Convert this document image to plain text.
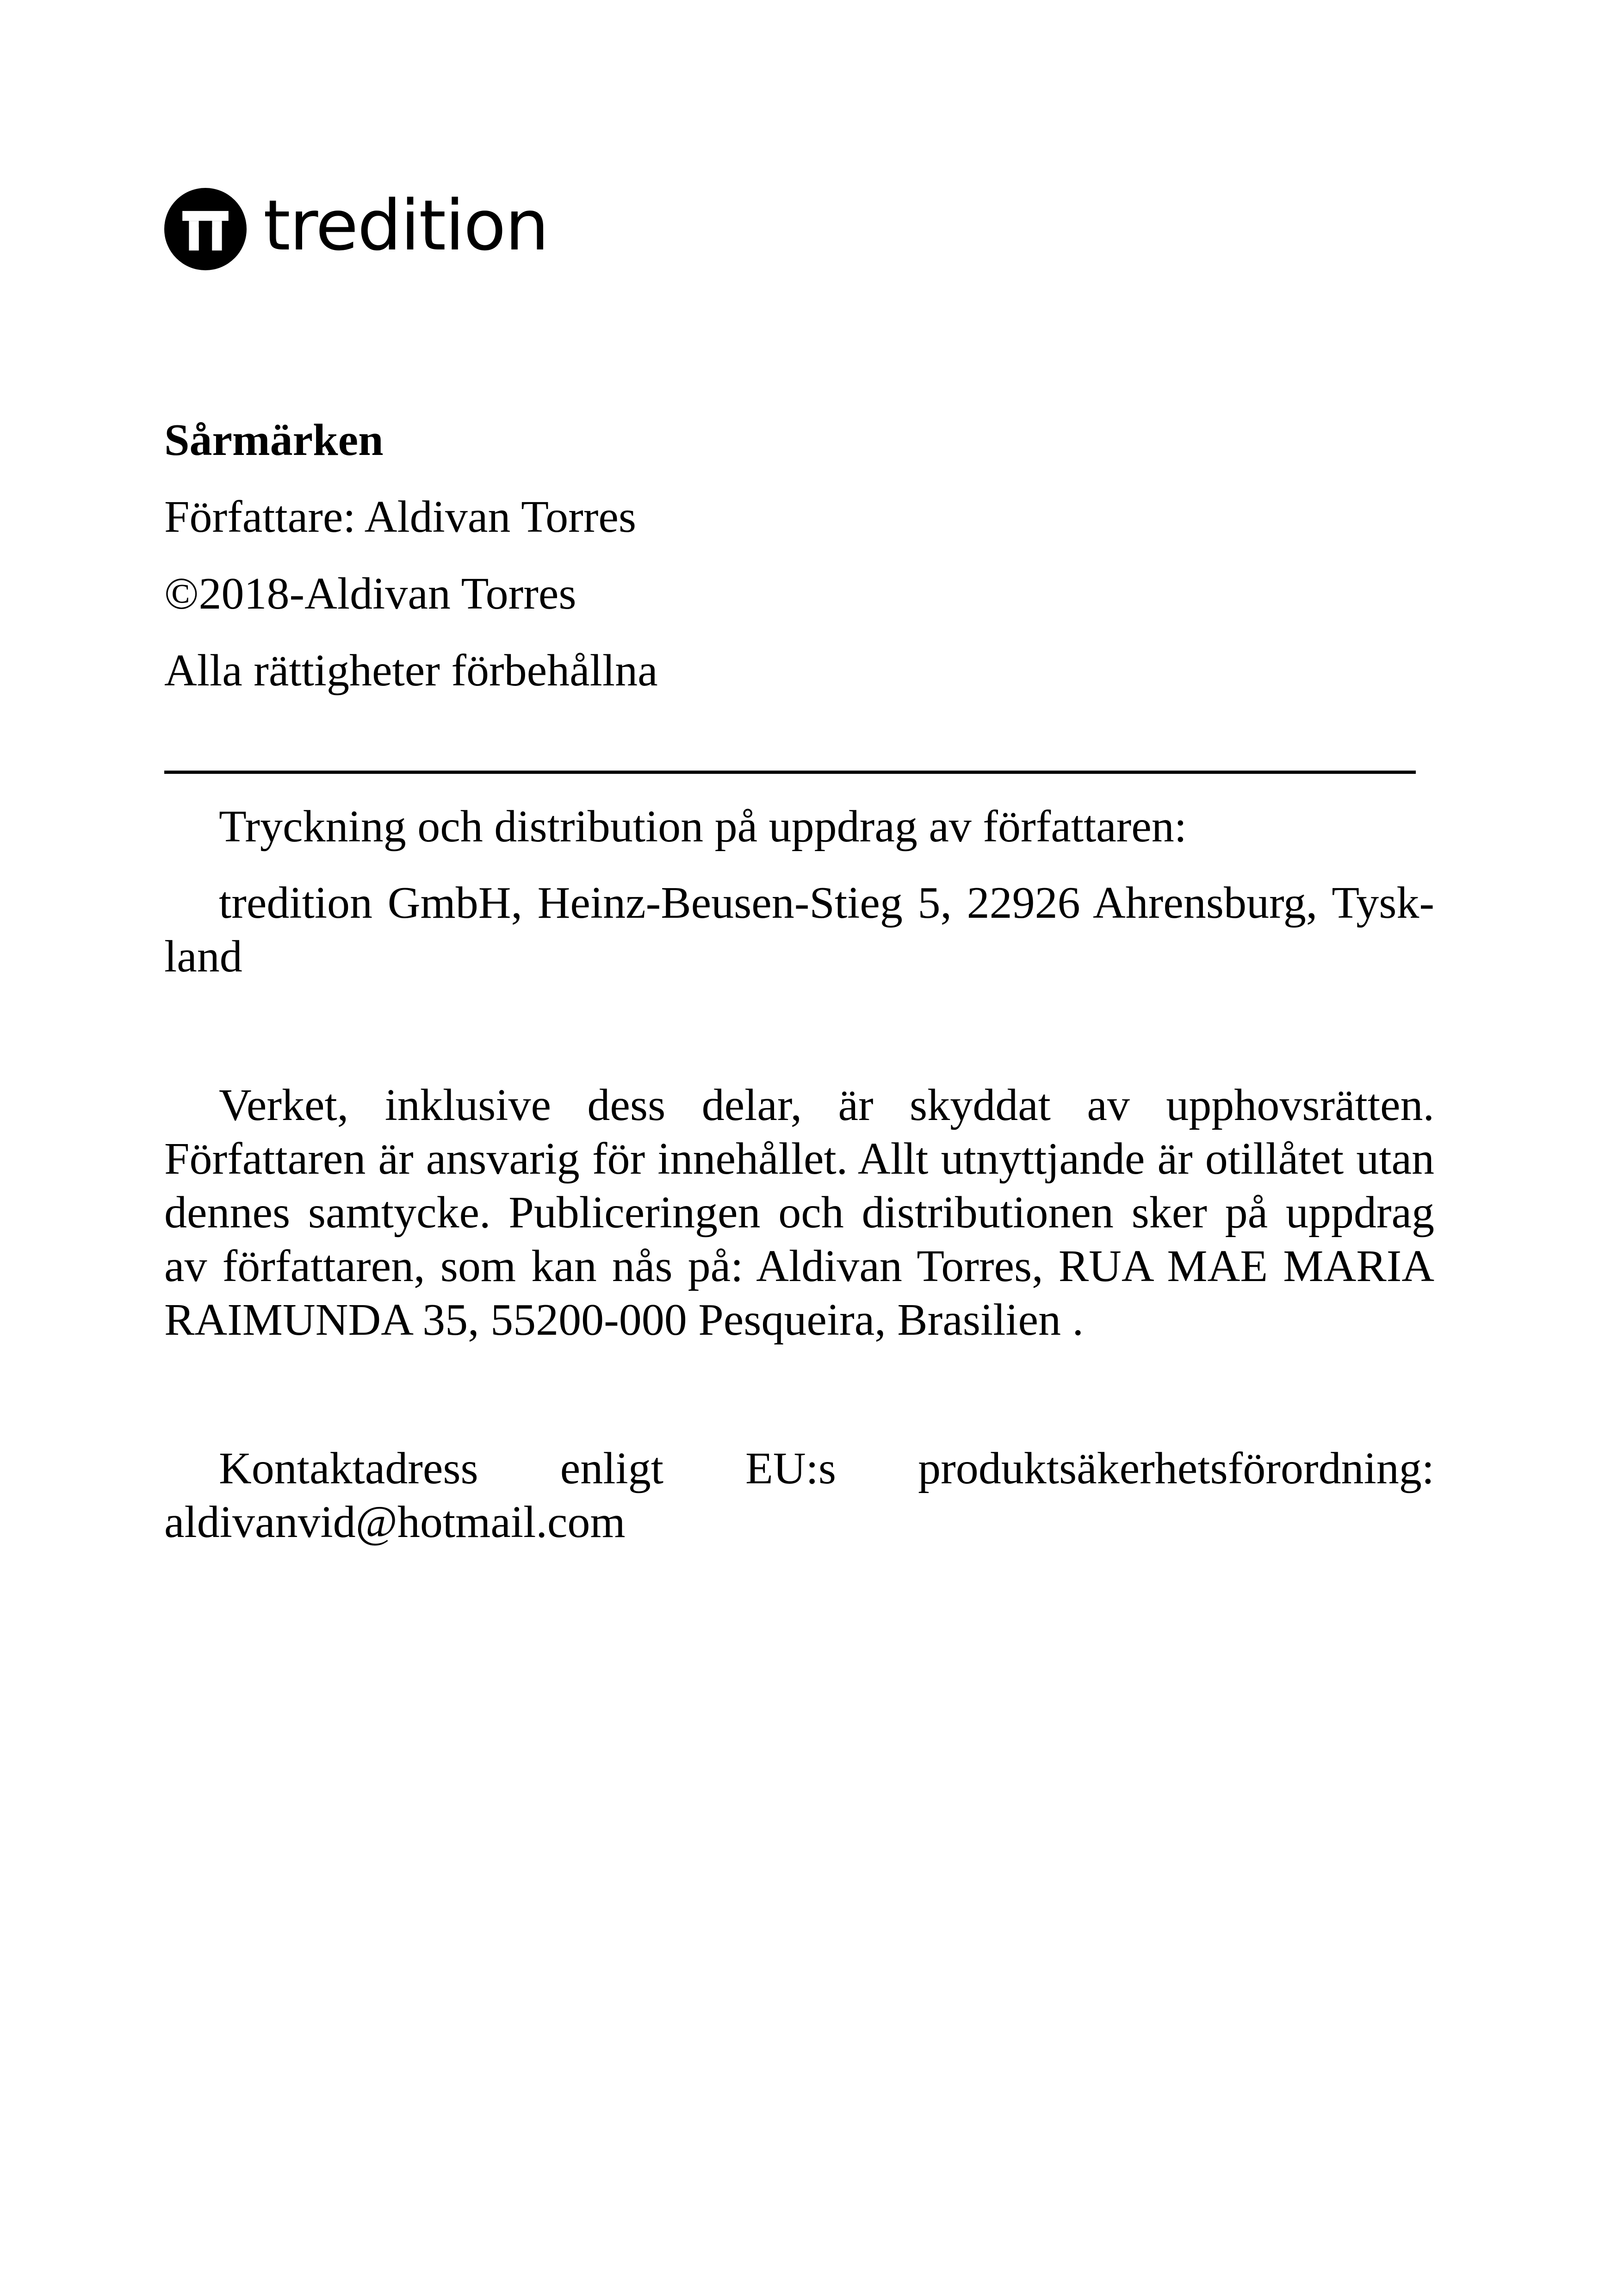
tredition
Sårmärken
Författare: Aldivan Torres
©2018-Aldivan Torres
Alla rättigheter förbehållna
Tryckning och distribution på uppdrag av författaren:
tredition GmbH, Heinz-Beusen-Stieg 5, 22926 Ahrensburg, Tysk-land
Verket, inklusive dess delar, är skyddat av upphovsrätten. Författaren är ansvarig för innehållet. Allt utnyttjande är otillåtet utan dennes samtycke. Publiceringen och distributionen sker på uppdrag av författaren, som kan nås på: Aldivan Torres, RUA MAE MARIA RAIMUNDA 35, 55200-000 Pesqueira, Brasilien .
Kontaktadress enligt EU:s produktsäkerhetsförordning: aldivanvid@hotmail.com
